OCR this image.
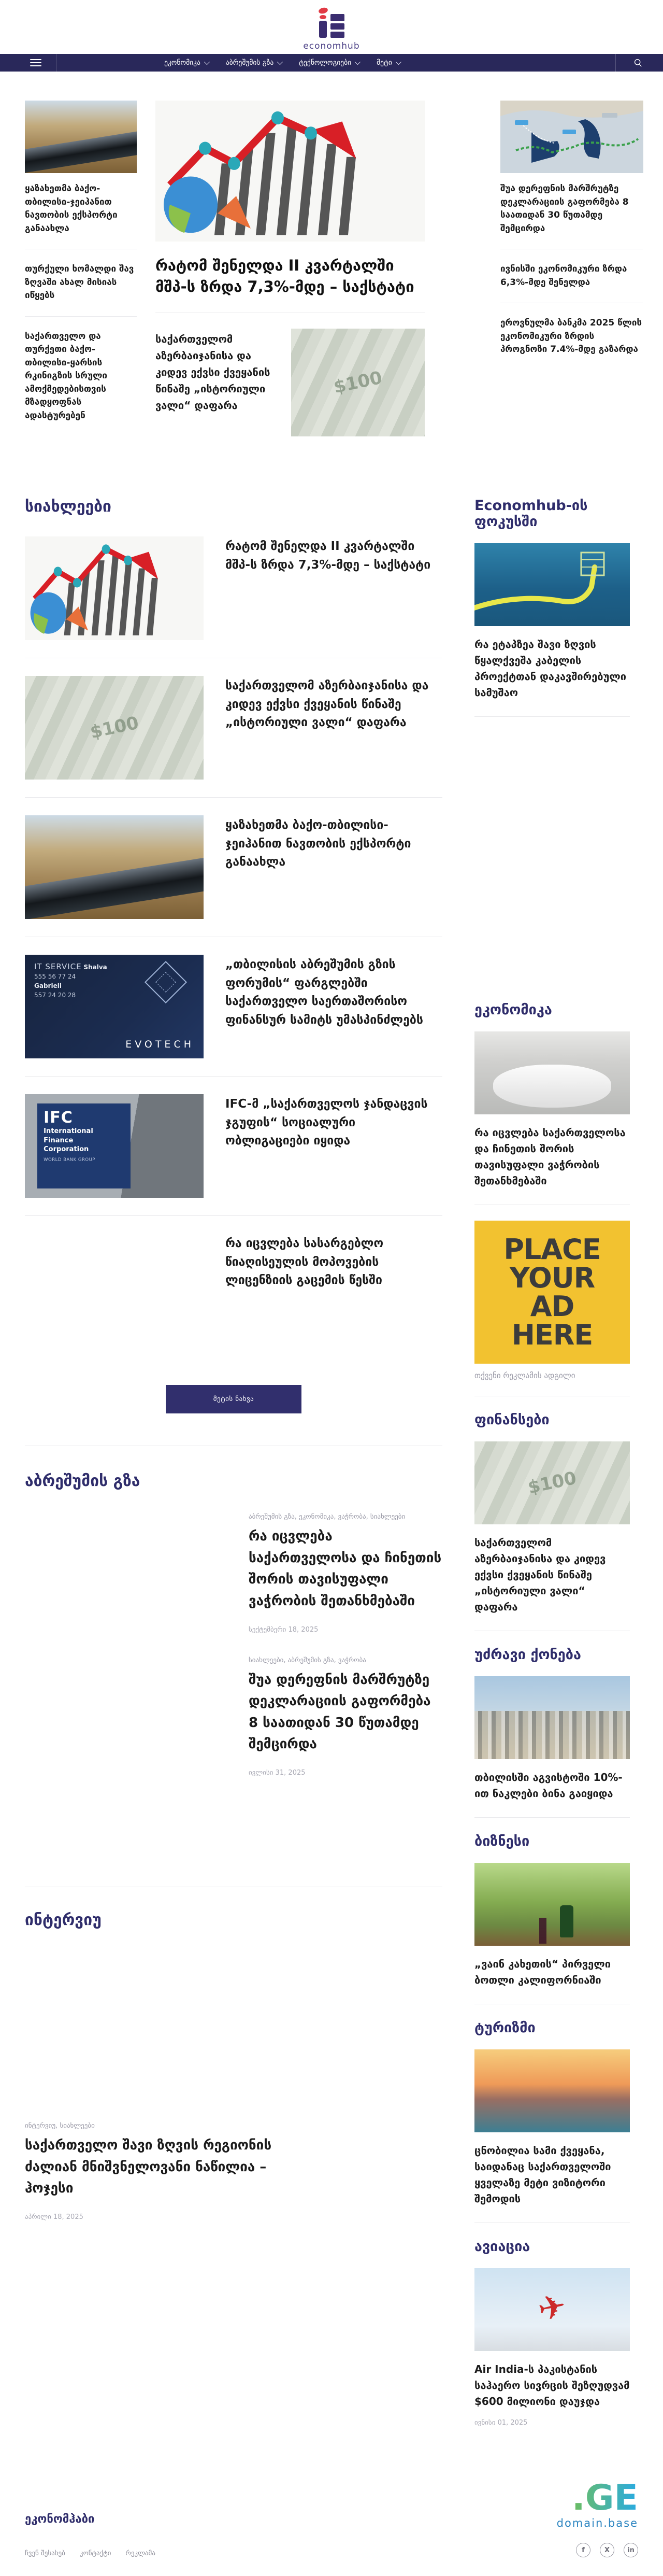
economhub
ეკონომიკა	აბრეშუმის გზა	ტექნოლოგიები	მეტი
ყაზახეთმა ბაქო-თბილისი-ჯეიჰანით ნავთობის ექსპორტი განაახლა
თურქული ხომალდი შავ ზღვაში ახალ მისიას იწყებს
საქართველო და თურქეთი ბაქო-თბილისი-ყარსის რკინიგზის სრული ამოქმედებისთვის მზადყოფნას ადასტურებენ
რატომ შენელდა II კვარტალში მშპ-ს ზრდა 7,3%-მდე – საქსტატი
საქართველომ აზერბაიჯანისა და კიდევ ექვსი ქვეყანის წინაშე „ისტორიული ვალი“ დაფარა
$100
შუა დერეფნის მარშრუტზე დეკლარაციის გაფორმება 8 საათიდან 30 წუთამდე შემცირდა
ივნისში ეკონომიკური ზრდა 6,3%-მდე შენელდა
ეროვნულმა ბანკმა 2025 წლის ეკონომიკური ზრდის პროგნოზი 7.4%-მდე გაზარდა
სიახლეები
რატომ შენელდა II კვარტალში მშპ-ს ზრდა 7,3%-მდე – საქსტატი
$100
საქართველომ აზერბაიჯანისა და კიდევ ექვსი ქვეყანის წინაშე „ისტორიული ვალი“ დაფარა
ყაზახეთმა ბაქო-თბილისი-ჯეიჰანით ნავთობის ექსპორტი განაახლა
IT SERVICE Shalva
555 56 77 24
Gabrieli
557 24 20 28
EVOTECH
„თბილისის აბრეშუმის გზის ფორუმის“ ფარგლებში საქართველო საერთაშორისო ფინანსურ სამიტს უმასპინძლებს
IFC
International
Finance
Corporation
WORLD BANK GROUP
IFC-მ „საქართველოს ჯანდაცვის ჯგუფის“ სოციალური ობლიგაციები იყიდა
რა იცვლება სასარგებლო წიაღისეულის მოპოვების ლიცენზიის გაცემის წესში
მეტის ნახვა
აბრეშუმის გზა

აბრეშუმის გზა, ეკონომიკა, ვაჭრობა, სიახლეები

რა იცვლება საქართველოსა და ჩინეთის შორის თავისუფალი ვაჭრობის შეთანხმებაში
სექტემბერი 18, 2025

სიახლეები, აბრეშუმის გზა, ვაჭრობა

შუა დერეფნის მარშრუტზე დეკლარაციის გაფორმება 8 საათიდან 30 წუთამდე შემცირდა
ივლისი 31, 2025
ინტერვიუ

ინტერვიუ, სიახლეები

საქართველო შავი ზღვის რეგიონის ძალიან მნიშვნელოვანი ნაწილია – ჰოჯესი
აპრილი 18, 2025
Economhub-ის ფოკუსში
რა ეტაპზეა შავი ზღვის წყალქვეშა კაბელის პროექტთან დაკავშირებული სამუშაო
ეკონომიკა
რა იცვლება საქართველოსა და ჩინეთის შორის თავისუფალი ვაჭრობის შეთანხმებაში
PLACE
YOUR
AD
HERE
თქვენი რეკლამის ადგილი
ფინანსები
$100
საქართველომ აზერბაიჯანისა და კიდევ ექვსი ქვეყანის წინაშე „ისტორიული ვალი“ დაფარა
უძრავი ქონება
თბილისში აგვისტოში 10%-ით ნაკლები ბინა გაიყიდა
ბიზნესი
„ვაინ კახეთის“ პირველი ბოთლი კალიფორნიაში
ტურიზმი
ცნობილია სამი ქვეყანა, საიდანაც საქართველოში ყველაზე მეტი ვიზიტორი შემოდის
ავიაცია
✈
Air India-ს პაკისტანის საჰაერო სივრცის შეზღუდვამ $600 მილიონი დაუჯდა
ივნისი 01, 2025
ეკონომჰაბი
ჩვენ შესახებ კონტაქტი რეკლამა
.GE
domain.base
f	X	in
